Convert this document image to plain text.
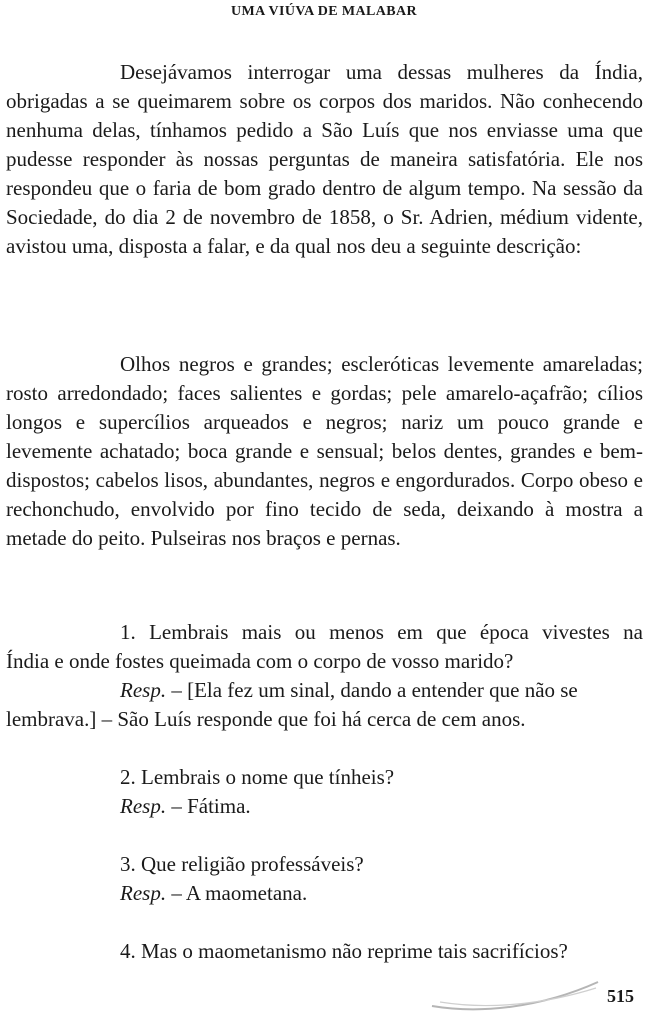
UMA VIÚVA DE MALABAR

Desejávamos interrogar uma dessas mulheres da Índia, obrigadas a se queimarem sobre os corpos dos maridos. Não conhecendo nenhuma delas, tínhamos pedido a São Luís que nos enviasse uma que pudesse responder às nossas perguntas de maneira satisfatória. Ele nos respondeu que o faria de bom grado dentro de algum tempo. Na sessão da Sociedade, do dia 2 de novembro de 1858, o Sr. Adrien, médium vidente, avistou uma, disposta a falar, e da qual nos deu a seguinte descrição:

Olhos negros e grandes; escleróticas levemente amareladas; rosto arredondado; faces salientes e gordas; pele amarelo-açafrão; cílios longos e supercílios arqueados e negros; nariz um pouco grande e levemente achatado; boca grande e sensual; belos dentes, grandes e bem-dispostos; cabelos lisos, abundantes, negros e engordurados. Corpo obeso e rechonchudo, envolvido por fino tecido de seda, deixando à mostra a metade do peito. Pulseiras nos braços e pernas.

1. Lembrais mais ou menos em que época vivestes na
Índia e onde fostes queimada com o corpo de vosso marido?
Resp. – [Ela fez um sinal, dando a entender que não se
lembrava.] – São Luís responde que foi há cerca de cem anos.
2. Lembrais o nome que tínheis?
Resp. – Fátima.
3. Que religião professáveis?
Resp. – A maometana.
4. Mas o maometanismo não reprime tais sacrifícios?
515
